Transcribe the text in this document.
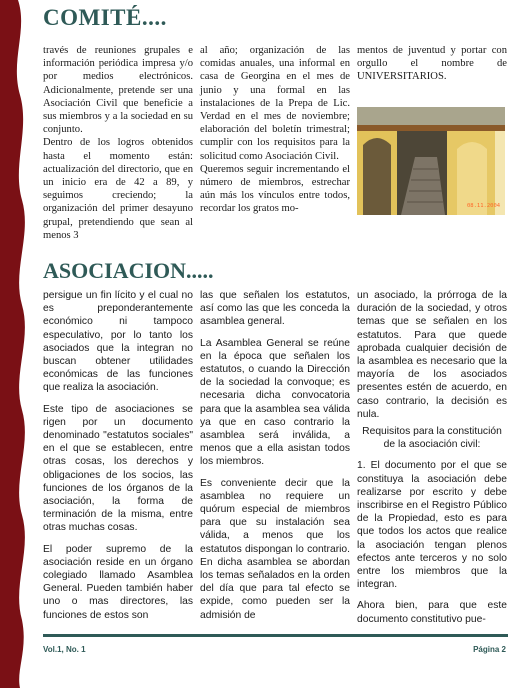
COMITÉ....

través de reuniones grupales e información periódica impresa y/o por medios electrónicos. Adicionalmente, pretende ser una Asociación Civil que beneficie a sus miembros y a la sociedad en su conjunto.

Dentro de los logros obtenidos hasta el momento están: actualización del directorio, que en un inicio era de 42 a 89, y seguimos creciendo; la organización del primer desayuno grupal, pretendiendo que sean al menos 3

al año; organización de las comidas anuales, una informal en casa de Georgina en el mes de junio y una formal en las instalaciones de la Prepa de Lic. Verdad en el mes de noviembre; elaboración del boletín trimestral; cumplir con los requisitos para la solicitud como Asociación Civil.

Queremos seguir incrementando el número de miembros, estrechar aún más los vínculos entre todos, recordar los gratos mo-

mentos de juventud y portar con orgullo el nombre de UNIVERSITARIOS.

08.11.2004
ASOCIACION.....

persigue un fin lícito y el cual no es preponderantemente económico ni tampoco especulativo, por lo tanto los asociados que la integran no buscan obtener utilidades económicas de las funciones que realiza la asociación.

Este tipo de asociaciones se rigen por un documento denominado "estatutos sociales" en el que se establecen, entre otras cosas, los derechos y obligaciones de los socios, las funciones de los órganos de la asociación, la forma de terminación de la misma, entre otras muchas cosas.

El poder supremo de la asociación reside en un órgano colegiado llamado Asamblea General. Pueden también haber uno o mas directores, las funciones de estos son

las que señalen los estatutos, así como las que les conceda la asamblea general.

La Asamblea General se reúne en la época que señalen los estatutos, o cuando la Dirección de la sociedad la convoque; es necesaria dicha convocatoria para que la asamblea sea válida ya que en caso contrario la asamblea será inválida, a menos que a ella asistan todos los miembros.

Es conveniente decir que la asamblea no requiere un quórum especial de miembros para que su instalación sea válida, a menos que los estatutos dispongan lo contrario. En dicha asamblea se abordan los temas señalados en la orden del día que para tal efecto se expide, como pueden ser la admisión de

un asociado, la prórroga de la duración de la sociedad, y otros temas que se señalen en los estatutos. Para que quede aprobada cualquier decisión de la asamblea es necesario que la mayoría de los asociados presentes estén de acuerdo, en caso contrario, la decisión es nula.

Requisitos para la constitución de la asociación civil:

1. El documento por el que se constituya la asociación debe realizarse por escrito y debe inscribirse en el Registro Público de la Propiedad, esto es para que todos los actos que realice la asociación tengan plenos efectos ante terceros y no solo entre los miembros que la integran.

Ahora bien, para que este documento constitutivo pue-

Vol.1, No. 1	Página 2
